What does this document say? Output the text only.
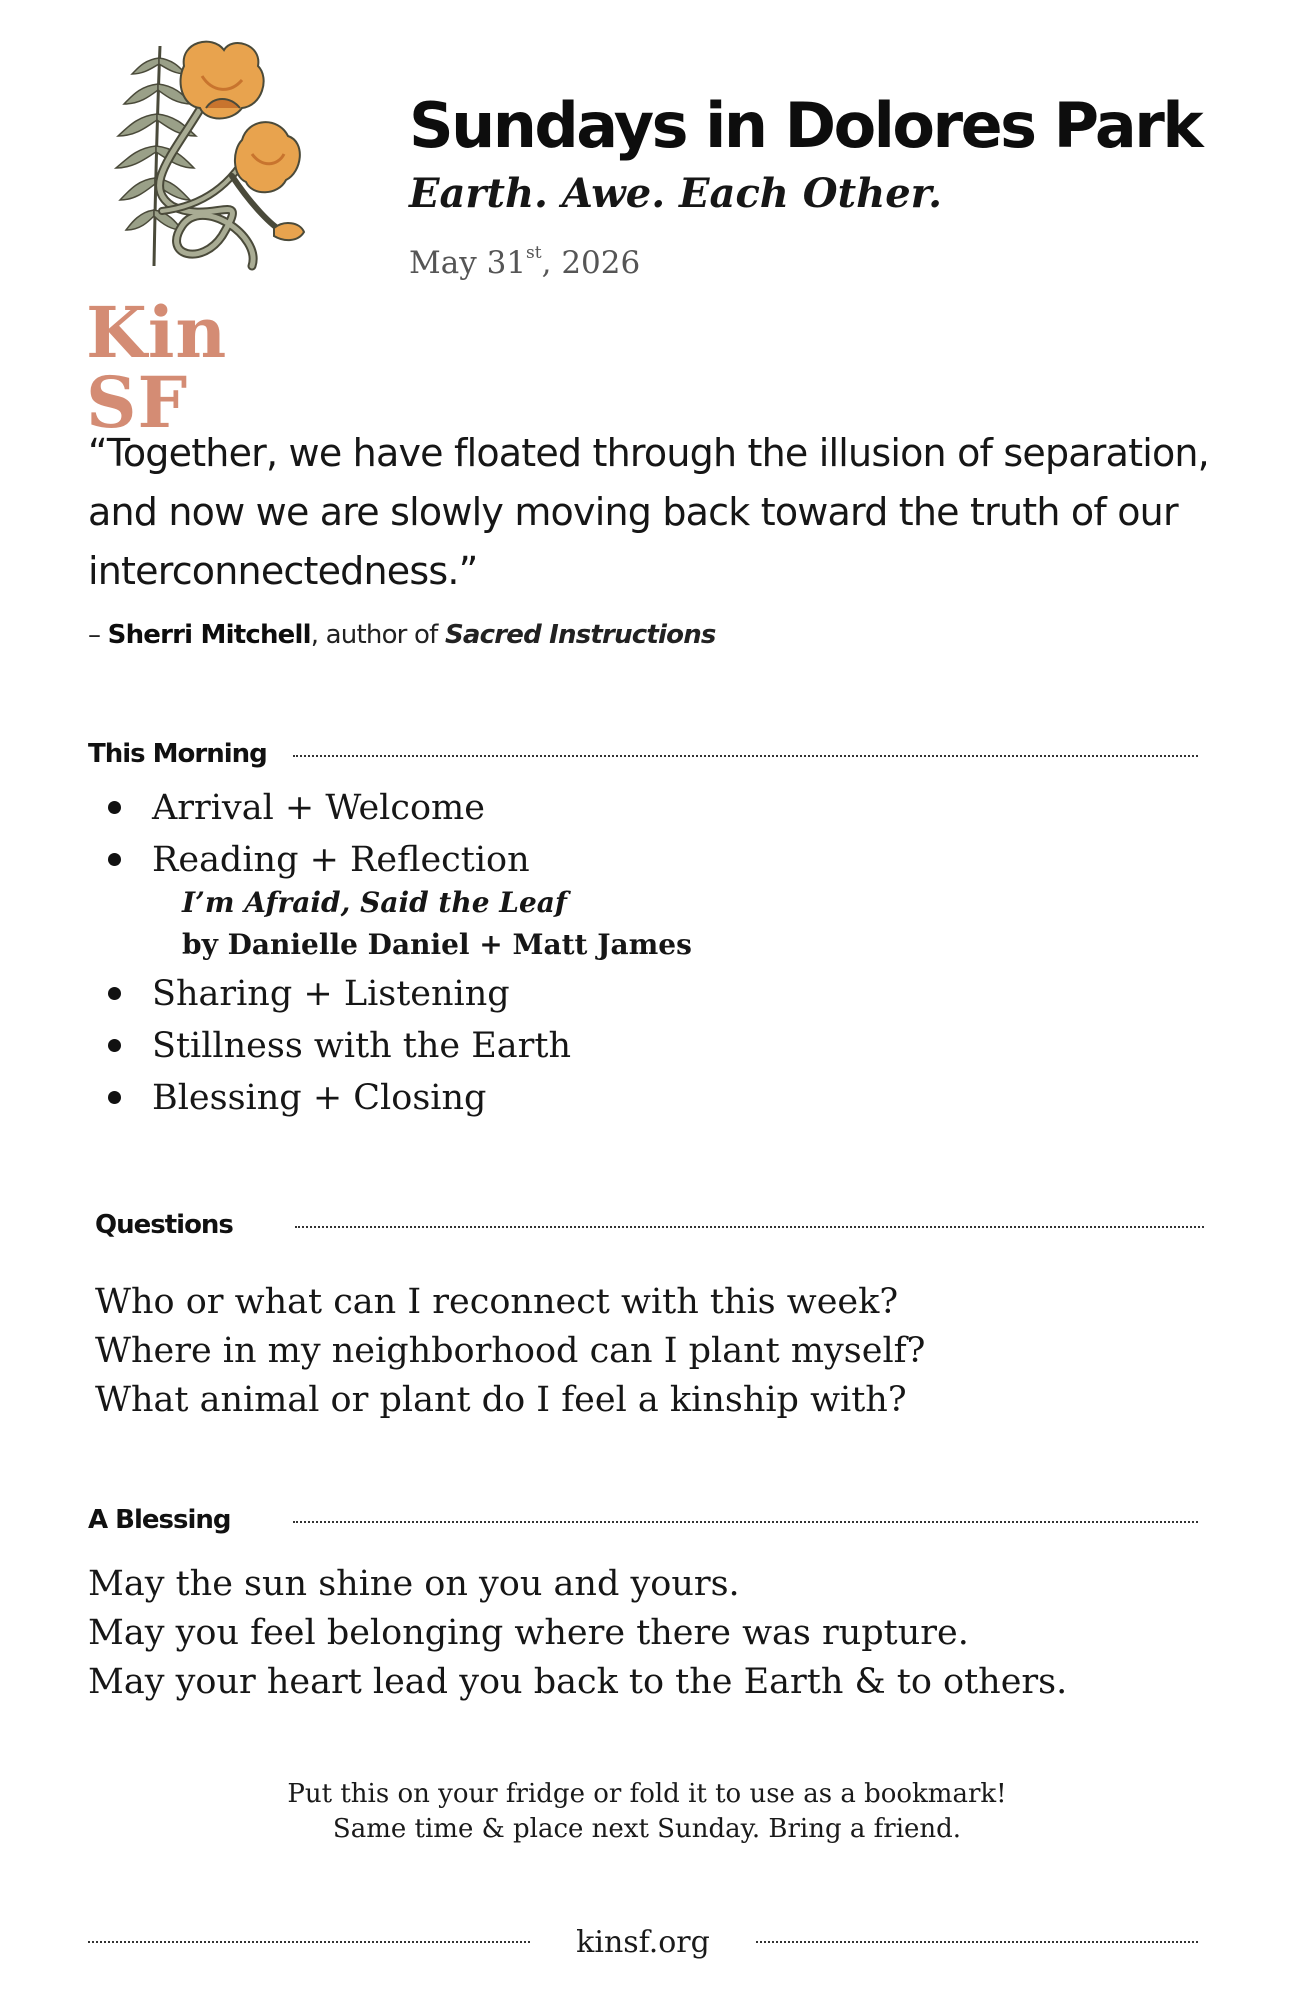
Kin SF
Sundays in Dolores Park
Earth. Awe. Each Other.
May 31st, 2026
“Together, we have floated through the illusion of separation, and now we are slowly moving back toward the truth of our interconnectedness.”
– Sherri Mitchell, author of Sacred Instructions
This Morning
Arrival + Welcome
Reading + Reflection
I’m Afraid, Said the Leaf
by Danielle Daniel + Matt James
Sharing + Listening
Stillness with the Earth
Blessing + Closing
Questions
Who or what can I reconnect with this week?
Where in my neighborhood can I plant myself?
What animal or plant do I feel a kinship with?
A Blessing
May the sun shine on you and yours.
May you feel belonging where there was rupture.
May your heart lead you back to the Earth & to others.
Put this on your fridge or fold it to use as a bookmark!
Same time & place next Sunday. Bring a friend.
kinsf.org
